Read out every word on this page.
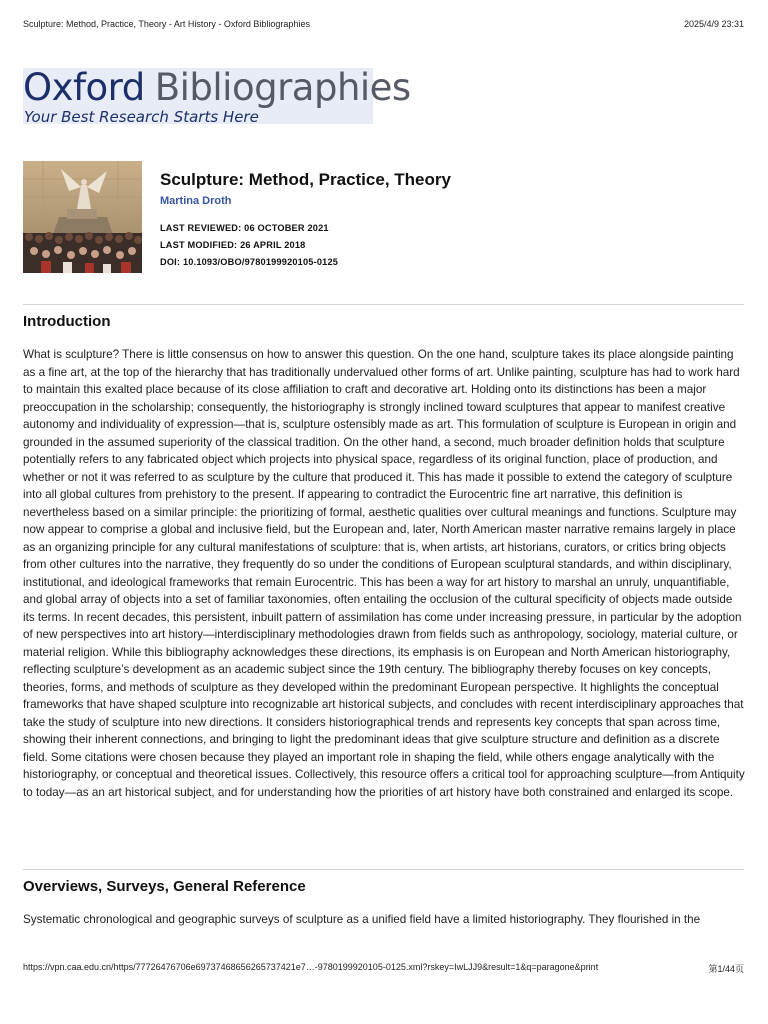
Sculpture: Method, Practice, Theory - Art History - Oxford Bibliographies	2025/4/9 23:31
Oxford Bibliographies
Your Best Research Starts Here
Sculpture: Method, Practice, Theory
Martina Droth
LAST REVIEWED: 06 OCTOBER 2021
LAST MODIFIED: 26 APRIL 2018
DOI: 10.1093/OBO/9780199920105-0125
Introduction

What is sculpture? There is little consensus on how to answer this question. On the one hand, sculpture takes its place alongside painting as a fine art, at the top of the hierarchy that has traditionally undervalued other forms of art. Unlike painting, sculpture has had to work hard to maintain this exalted place because of its close affiliation to craft and decorative art. Holding onto its distinctions has been a major preoccupation in the scholarship; consequently, the historiography is strongly inclined toward sculptures that appear to manifest creative autonomy and individuality of expression—that is, sculpture ostensibly made as art. This formulation of sculpture is European in origin and grounded in the assumed superiority of the classical tradition. On the other hand, a second, much broader definition holds that sculpture potentially refers to any fabricated object which projects into physical space, regardless of its original function, place of production, and whether or not it was referred to as sculpture by the culture that produced it. This has made it possible to extend the category of sculpture into all global cultures from prehistory to the present. If appearing to contradict the Eurocentric fine art narrative, this definition is nevertheless based on a similar principle: the prioritizing of formal, aesthetic qualities over cultural meanings and functions. Sculpture may now appear to comprise a global and inclusive field, but the European and, later, North American master narrative remains largely in place as an organizing principle for any cultural manifestations of sculpture: that is, when artists, art historians, curators, or critics bring objects from other cultures into the narrative, they frequently do so under the conditions of European sculptural standards, and within disciplinary, institutional, and ideological frameworks that remain Eurocentric. This has been a way for art history to marshal an unruly, unquantifiable, and global array of objects into a set of familiar taxonomies, often entailing the occlusion of the cultural specificity of objects made outside its terms. In recent decades, this persistent, inbuilt pattern of assimilation has come under increasing pressure, in particular by the adoption of new perspectives into art history—interdisciplinary methodologies drawn from fields such as anthropology, sociology, material culture, or material religion. While this bibliography acknowledges these directions, its emphasis is on European and North American historiography, reflecting sculpture’s development as an academic subject since the 19th century. The bibliography thereby focuses on key concepts, theories, forms, and methods of sculpture as they developed within the predominant European perspective. It highlights the conceptual frameworks that have shaped sculpture into recognizable art historical subjects, and concludes with recent interdisciplinary approaches that take the study of sculpture into new directions. It considers historiographical trends and represents key concepts that span across time, showing their inherent connections, and bringing to light the predominant ideas that give sculpture structure and definition as a discrete field. Some citations were chosen because they played an important role in shaping the field, while others engage analytically with the historiography, or conceptual and theoretical issues. Collectively, this resource offers a critical tool for approaching sculpture—from Antiquity to today—as an art historical subject, and for understanding how the priorities of art history have both constrained and enlarged its scope.

Overviews, Surveys, General Reference

Systematic chronological and geographic surveys of sculpture as a unified field have a limited historiography. They flourished in the

https://vpn.caa.edu.cn/https/77726476706e69737468656265737421e7…-9780199920105-0125.xml?rskey=IwLJJ9&result=1&q=paragone&print	第1/44页
